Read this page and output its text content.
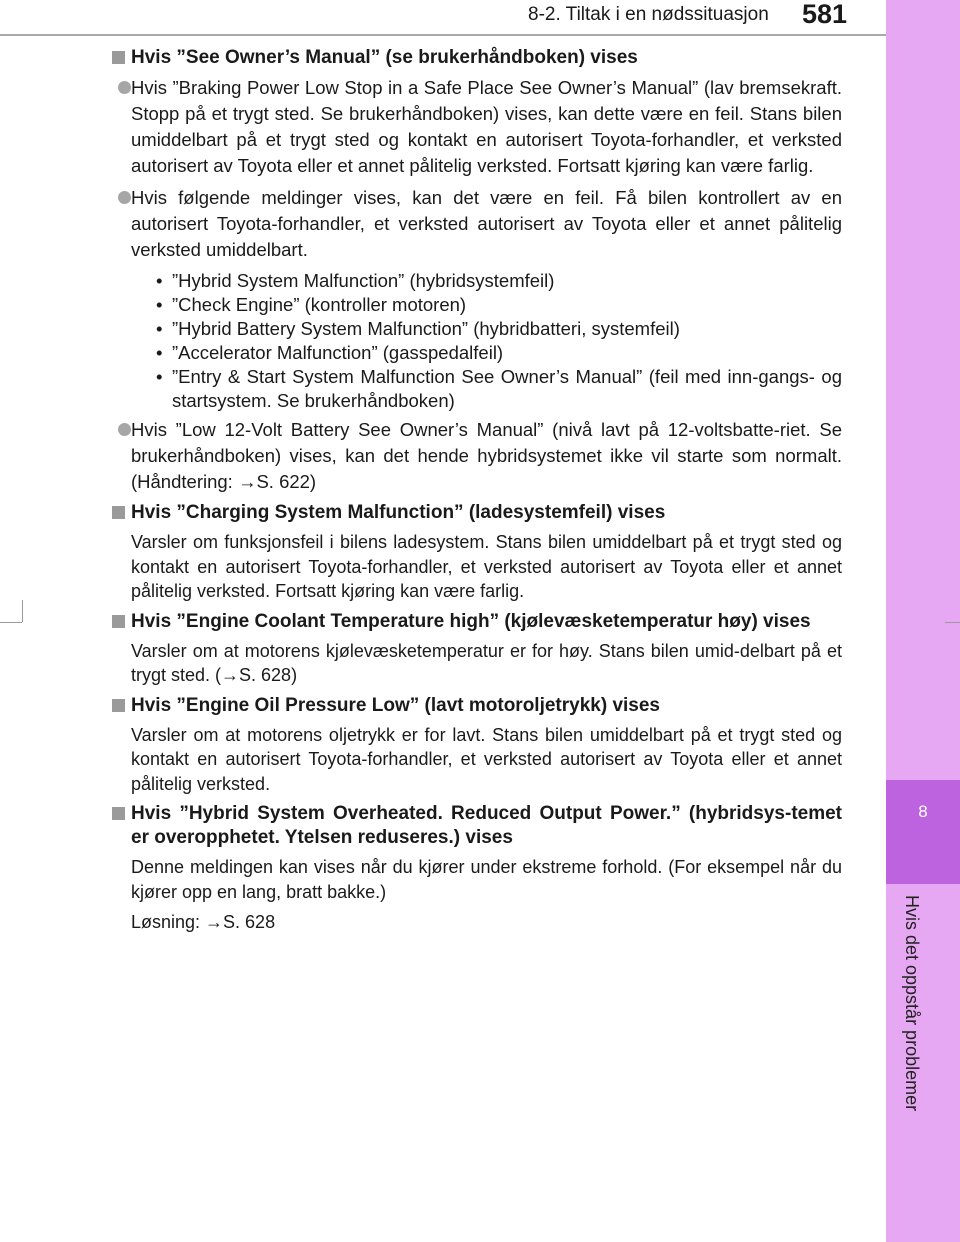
8-2. Tiltak i en nødssituasjon 581
8
Hvis det oppstår problemer
Hvis ”See Owner’s Manual” (se brukerhåndboken) vises
Hvis ”Braking Power Low Stop in a Safe Place See Owner’s Manual” (lav bremsekraft. Stopp på et trygt sted. Se brukerhåndboken) vises, kan dette være en feil. Stans bilen umiddelbart på et trygt sted og kontakt en autorisert Toyota-forhandler, et verksted autorisert av Toyota eller et annet pålitelig verksted. Fortsatt kjøring kan være farlig.
Hvis følgende meldinger vises, kan det være en feil. Få bilen kontrollert av en autorisert Toyota-forhandler, et verksted autorisert av Toyota eller et annet pålitelig verksted umiddelbart.
• ”Hybrid System Malfunction” (hybridsystemfeil)
• ”Check Engine” (kontroller motoren)
• ”Hybrid Battery System Malfunction” (hybridbatteri, systemfeil)
• ”Accelerator Malfunction” (gasspedalfeil)
• ”Entry & Start System Malfunction See Owner’s Manual” (feil med inn-gangs- og startsystem. Se brukerhåndboken)
Hvis ”Low 12-Volt Battery See Owner’s Manual” (nivå lavt på 12-voltsbatte-riet. Se brukerhåndboken) vises, kan det hende hybridsystemet ikke vil starte som normalt. (Håndtering: →S. 622)
Hvis ”Charging System Malfunction” (ladesystemfeil) vises
Varsler om funksjonsfeil i bilens ladesystem. Stans bilen umiddelbart på et trygt sted og kontakt en autorisert Toyota-forhandler, et verksted autorisert av Toyota eller et annet pålitelig verksted. Fortsatt kjøring kan være farlig.
Hvis ”Engine Coolant Temperature high” (kjølevæsketemperatur høy) vises
Varsler om at motorens kjølevæsketemperatur er for høy. Stans bilen umid-delbart på et trygt sted. (→S. 628)
Hvis ”Engine Oil Pressure Low” (lavt motoroljetrykk) vises
Varsler om at motorens oljetrykk er for lavt. Stans bilen umiddelbart på et trygt sted og kontakt en autorisert Toyota-forhandler, et verksted autorisert av Toyota eller et annet pålitelig verksted.
Hvis ”Hybrid System Overheated. Reduced Output Power.” (hybridsys-temet er overopphetet. Ytelsen reduseres.) vises
Denne meldingen kan vises når du kjører under ekstreme forhold. (For eksempel når du kjører opp en lang, bratt bakke.)
Løsning: →S. 628
